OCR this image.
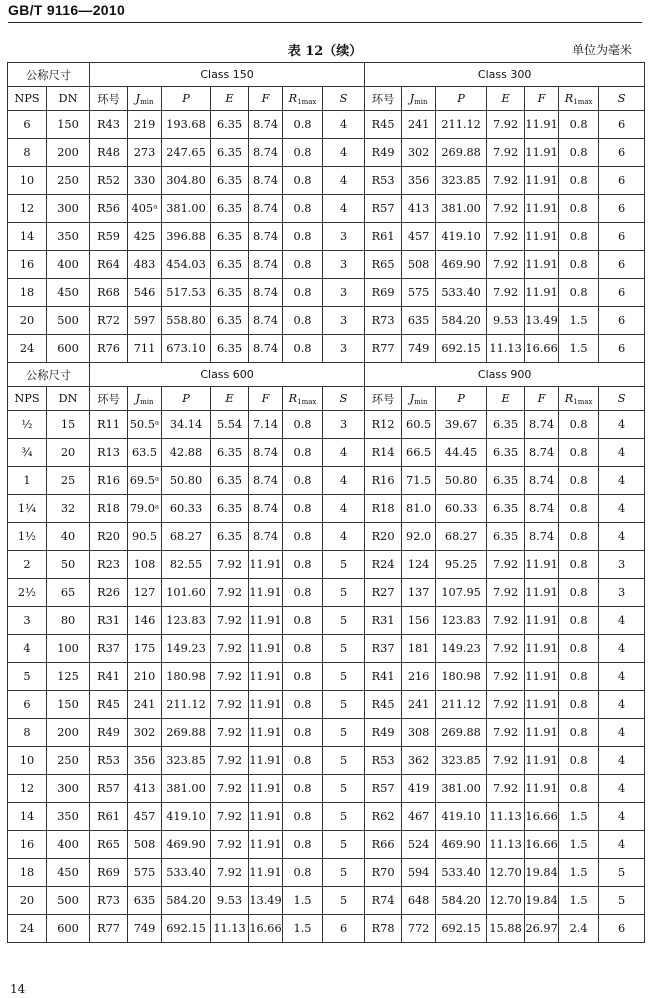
GB/T 9116—2010
表 12（续）	单位为毫米
公称尺寸		Class 150							Class 300						
NPS	DN	环号	$J_{min}$	P	E	F	$R_{1max}$	S	环号	$J_{min}$	P	E	F	$R_{1max}$	S
6	150	R43	219	193.68	6.35	8.74	0.8	4	R45	241	211.12	7.92	11.91	0.8	6
8	200	R48	273	247.65	6.35	8.74	0.8	4	R49	302	269.88	7.92	11.91	0.8	6
10	250	R52	330	304.80	6.35	8.74	0.8	4	R53	356	323.85	7.92	11.91	0.8	6
12	300	R56	405ᵃ	381.00	6.35	8.74	0.8	4	R57	413	381.00	7.92	11.91	0.8	6
14	350	R59	425	396.88	6.35	8.74	0.8	3	R61	457	419.10	7.92	11.91	0.8	6
16	400	R64	483	454.03	6.35	8.74	0.8	3	R65	508	469.90	7.92	11.91	0.8	6
18	450	R68	546	517.53	6.35	8.74	0.8	3	R69	575	533.40	7.92	11.91	0.8	6
20	500	R72	597	558.80	6.35	8.74	0.8	3	R73	635	584.20	9.53	13.49	1.5	6
24	600	R76	711	673.10	6.35	8.74	0.8	3	R77	749	692.15	11.13	16.66	1.5	6
公称尺寸		Class 600							Class 900						
NPS	DN	环号	$J_{min}$	P	E	F	$R_{1max}$	S	环号	$J_{min}$	P	E	F	$R_{1max}$	S
½	15	R11	50.5ᵃ	34.14	5.54	7.14	0.8	3	R12	60.5	39.67	6.35	8.74	0.8	4
¾	20	R13	63.5	42.88	6.35	8.74	0.8	4	R14	66.5	44.45	6.35	8.74	0.8	4
1	25	R16	69.5ᵃ	50.80	6.35	8.74	0.8	4	R16	71.5	50.80	6.35	8.74	0.8	4
1¼	32	R18	79.0ᵃ	60.33	6.35	8.74	0.8	4	R18	81.0	60.33	6.35	8.74	0.8	4
1½	40	R20	90.5	68.27	6.35	8.74	0.8	4	R20	92.0	68.27	6.35	8.74	0.8	4
2	50	R23	108	82.55	7.92	11.91	0.8	5	R24	124	95.25	7.92	11.91	0.8	3
2½	65	R26	127	101.60	7.92	11.91	0.8	5	R27	137	107.95	7.92	11.91	0.8	3
3	80	R31	146	123.83	7.92	11.91	0.8	5	R31	156	123.83	7.92	11.91	0.8	4
4	100	R37	175	149.23	7.92	11.91	0.8	5	R37	181	149.23	7.92	11.91	0.8	4
5	125	R41	210	180.98	7.92	11.91	0.8	5	R41	216	180.98	7.92	11.91	0.8	4
6	150	R45	241	211.12	7.92	11.91	0.8	5	R45	241	211.12	7.92	11.91	0.8	4
8	200	R49	302	269.88	7.92	11.91	0.8	5	R49	308	269.88	7.92	11.91	0.8	4
10	250	R53	356	323.85	7.92	11.91	0.8	5	R53	362	323.85	7.92	11.91	0.8	4
12	300	R57	413	381.00	7.92	11.91	0.8	5	R57	419	381.00	7.92	11.91	0.8	4
14	350	R61	457	419.10	7.92	11.91	0.8	5	R62	467	419.10	11.13	16.66	1.5	4
16	400	R65	508	469.90	7.92	11.91	0.8	5	R66	524	469.90	11.13	16.66	1.5	4
18	450	R69	575	533.40	7.92	11.91	0.8	5	R70	594	533.40	12.70	19.84	1.5	5
20	500	R73	635	584.20	9.53	13.49	1.5	5	R74	648	584.20	12.70	19.84	1.5	5
24	600	R77	749	692.15	11.13	16.66	1.5	6	R78	772	692.15	15.88	26.97	2.4	6
14
